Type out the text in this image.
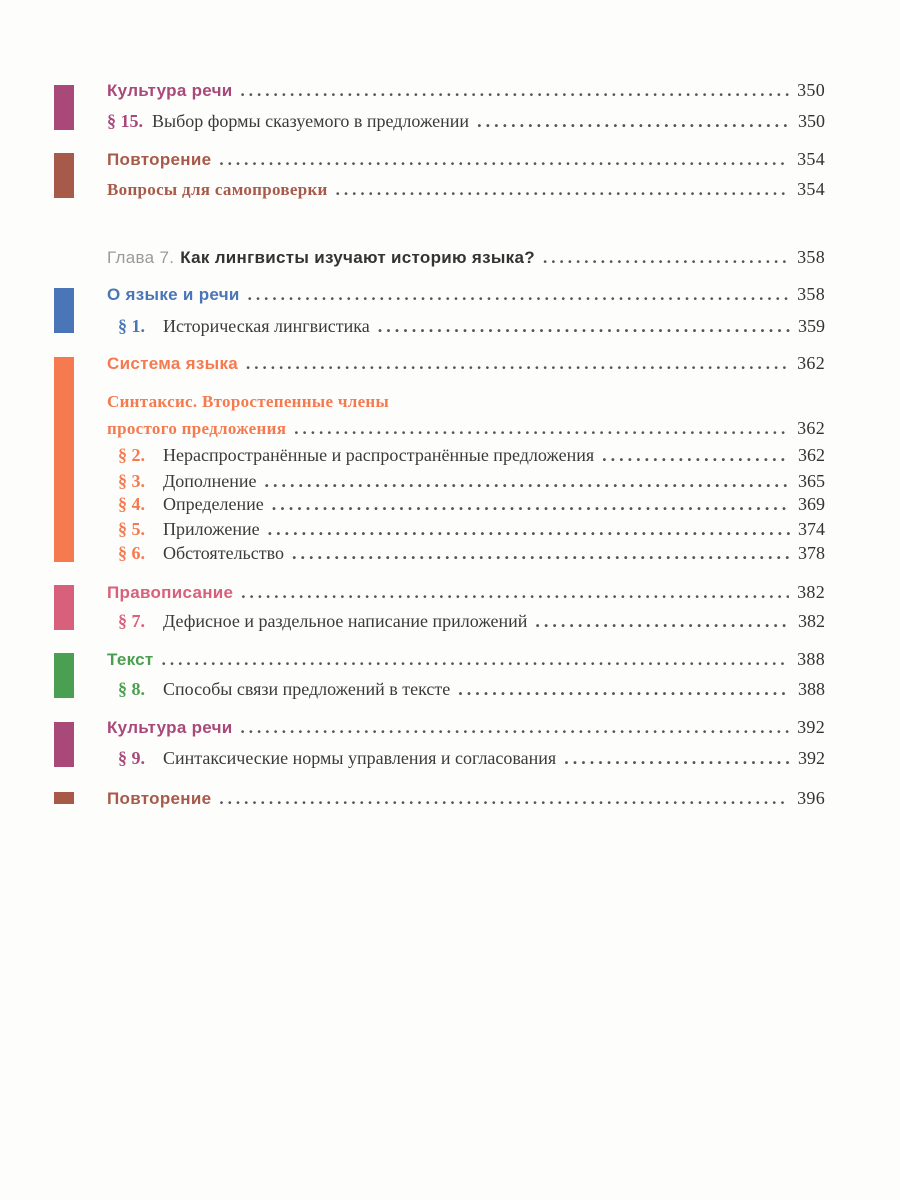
Культура речи .....	350
§ 15. Выбор формы сказуемого в предложении .....	350
Повторение .....	354
Вопросы для самопроверки .....	354
Глава 7. Как лингвисты изучают историю языка? .....	358
О языке и речи .....	358
§ 1.	Историческая лингвистика .....	359
Система языка .....	362
Синтаксис. Второстепенные члены
простого предложения .....	362
§ 2.	Нераспространённые и распространённые предложения .....	362
§ 3.	Дополнение .....	365
§ 4.	Определение .....	369
§ 5.	Приложение .....	374
§ 6.	Обстоятельство .....	378
Правописание .....	382
§ 7.	Дефисное и раздельное написание приложений .....	382
Текст .....	388
§ 8.	Способы связи предложений в тексте .....	388
Культура речи .....	392
§ 9.	Синтаксические нормы управления и согласования .....	392
Повторение .....	396
